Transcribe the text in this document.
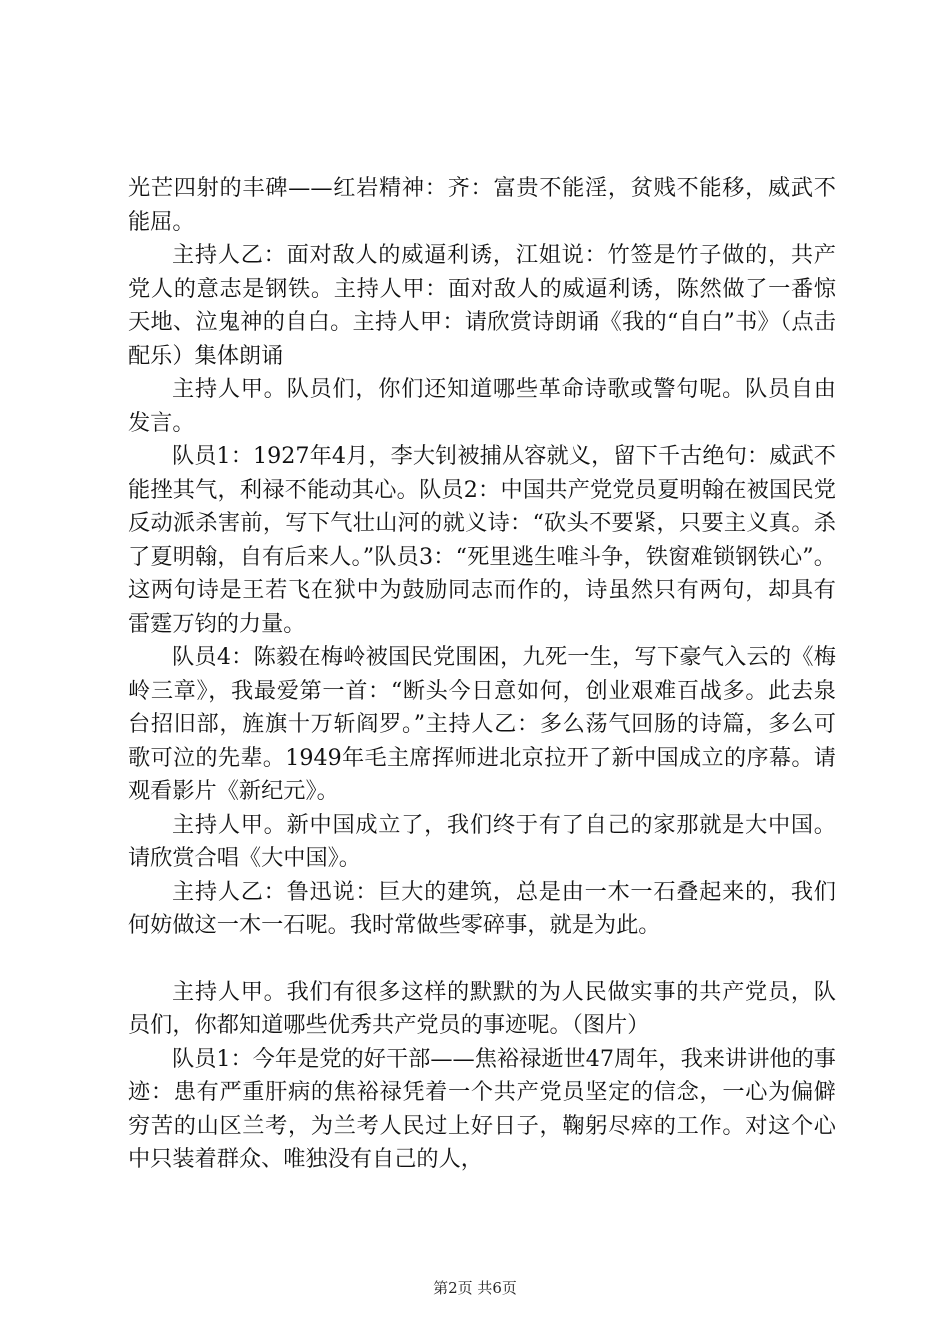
光芒四射的丰碑——红岩精神：齐：富贵不能淫，贫贱不能移，威武不能屈。

主持人乙：面对敌人的威逼利诱，江姐说：竹签是竹子做的，共产党人的意志是钢铁。主持人甲：面对敌人的威逼利诱，陈然做了一番惊天地、泣鬼神的自白。主持人甲：请欣赏诗朗诵《我的“自白”书》（点击配乐）集体朗诵

主持人甲。队员们，你们还知道哪些革命诗歌或警句呢。队员自由发言。

队员1：1927年4月，李大钊被捕从容就义，留下千古绝句：威武不能挫其气，利禄不能动其心。队员2：中国共产党党员夏明翰在被国民党反动派杀害前，写下气壮山河的就义诗：“砍头不要紧，只要主义真。杀了夏明翰，自有后来人。”队员3：“死里逃生唯斗争，铁窗难锁钢铁心”。这两句诗是王若飞在狱中为鼓励同志而作的，诗虽然只有两句，却具有雷霆万钧的力量。

队员4：陈毅在梅岭被国民党围困，九死一生，写下豪气入云的《梅岭三章》，我最爱第一首：“断头今日意如何，创业艰难百战多。此去泉台招旧部，旌旗十万斩阎罗。”主持人乙：多么荡气回肠的诗篇，多么可歌可泣的先辈。1949年毛主席挥师进北京拉开了新中国成立的序幕。请观看影片《新纪元》。

主持人甲。新中国成立了，我们终于有了自己的家那就是大中国。请欣赏合唱《大中国》。

主持人乙：鲁迅说：巨大的建筑，总是由一木一石叠起来的，我们何妨做这一木一石呢。我时常做些零碎事，就是为此。

主持人甲。我们有很多这样的默默的为人民做实事的共产党员，队员们，你都知道哪些优秀共产党员的事迹呢。（图片）

队员1：今年是党的好干部——焦裕禄逝世47周年，我来讲讲他的事迹：患有严重肝病的焦裕禄凭着一个共产党员坚定的信念，一心为偏僻穷苦的山区兰考，为兰考人民过上好日子，鞠躬尽瘁的工作。对这个心中只装着群众、唯独没有自己的人，

第2页 共6页
